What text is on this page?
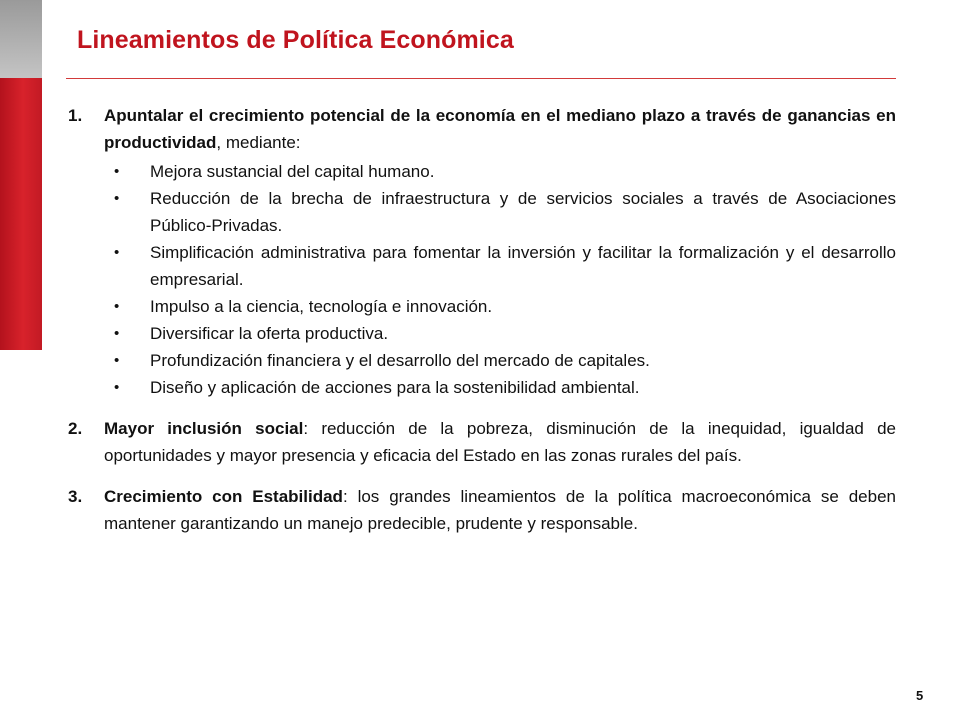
Lineamientos de Política Económica
1. Apuntalar el crecimiento potencial de la economía en el mediano plazo a través de ganancias en productividad, mediante:
• Mejora sustancial del capital humano.
• Reducción de la brecha de infraestructura y de servicios sociales a través de Asociaciones Público-Privadas.
• Simplificación administrativa para fomentar la inversión y facilitar la formalización y el desarrollo empresarial.
• Impulso a la ciencia, tecnología e innovación.
• Diversificar la oferta productiva.
• Profundización financiera y el desarrollo del mercado de capitales.
• Diseño y aplicación de acciones para la sostenibilidad ambiental.
2. Mayor inclusión social: reducción de la pobreza, disminución de la inequidad, igualdad de oportunidades y mayor presencia y eficacia del Estado en las zonas rurales del país.
3. Crecimiento con Estabilidad: los grandes lineamientos de la política macroeconómica se deben mantener garantizando un manejo predecible, prudente y responsable.
5
